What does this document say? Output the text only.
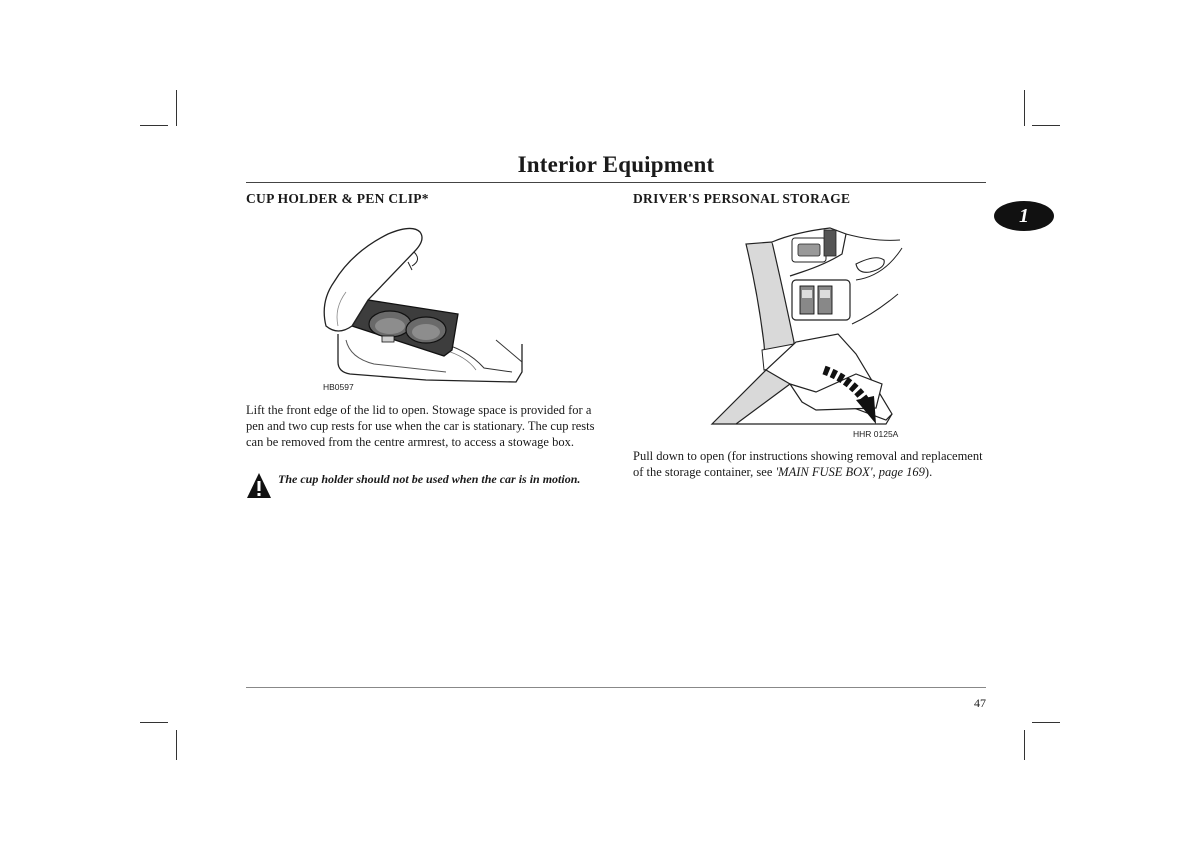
Interior Equipment
1
CUP HOLDER & PEN CLIP*
HB0597
Lift the front edge of the lid to open. Stowage space is provided for a pen and two cup rests for use when the car is stationary. The cup rests can be removed from the centre armrest, to access a stowage box.
The cup holder should not be used when the car is in motion.
DRIVER'S PERSONAL STORAGE
HHR 0125A
Pull down to open (for instructions showing removal and replacement of the storage container, see 'MAIN FUSE BOX', page 169).
47
